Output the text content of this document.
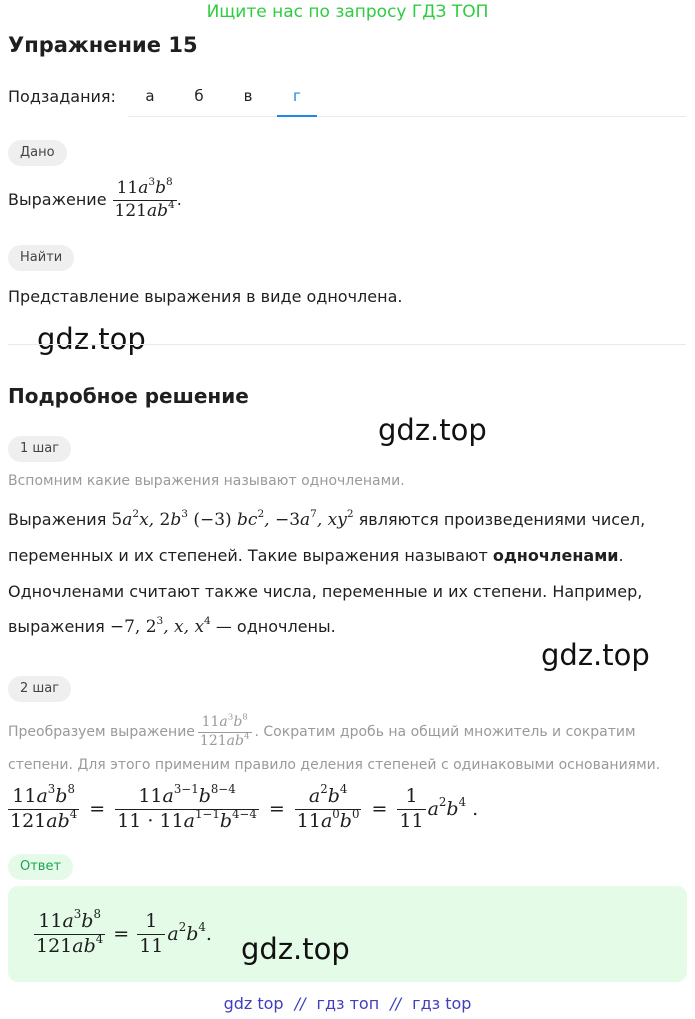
Ищите нас по запросу ГДЗ ТОП
Упражнение 15
Подзадания:	а	б	в	г
Дано
Выражение $\frac{11a^3b^8}{121ab^4}$ .
Найти
Представление выражения в виде одночлена.
gdz.top
Подробное решение
gdz.top
1 шаг
Вспомним какие выражения называют одночленами.
Выражения $5a^2x$, $2b^3$ (−3) $bc^2$, $-3a^7$, $xy^2$ являются произведениями чисел,
переменных и их степеней. Такие выражения называют одночленами.
Одночленами считают также числа, переменные и их степени. Например,
выражения −7, $2^3$, x, $x^4$ — одночлены.
gdz.top
2 шаг
Преобразуем выражение $\frac{11a^3b^8}{121ab^4}$ . Сократим дробь на общий множитель и сократим
степени. Для этого применим правило деления степеней с одинаковыми основаниями.
$\frac{11a^3b^8}{121ab^4} = \frac{11a^{3-1}b^{8-4}}{11 \cdot 11a^{1-1}b^{4-4}} = \frac{a^2b^4}{11a^0b^0} = \frac{1}{11} a^2b^4$ .
Ответ
$\frac{11a^3b^8}{121ab^4} = \frac{1}{11} a^2b^4$ . gdz.top
gdz top // гдз топ // гдз top
